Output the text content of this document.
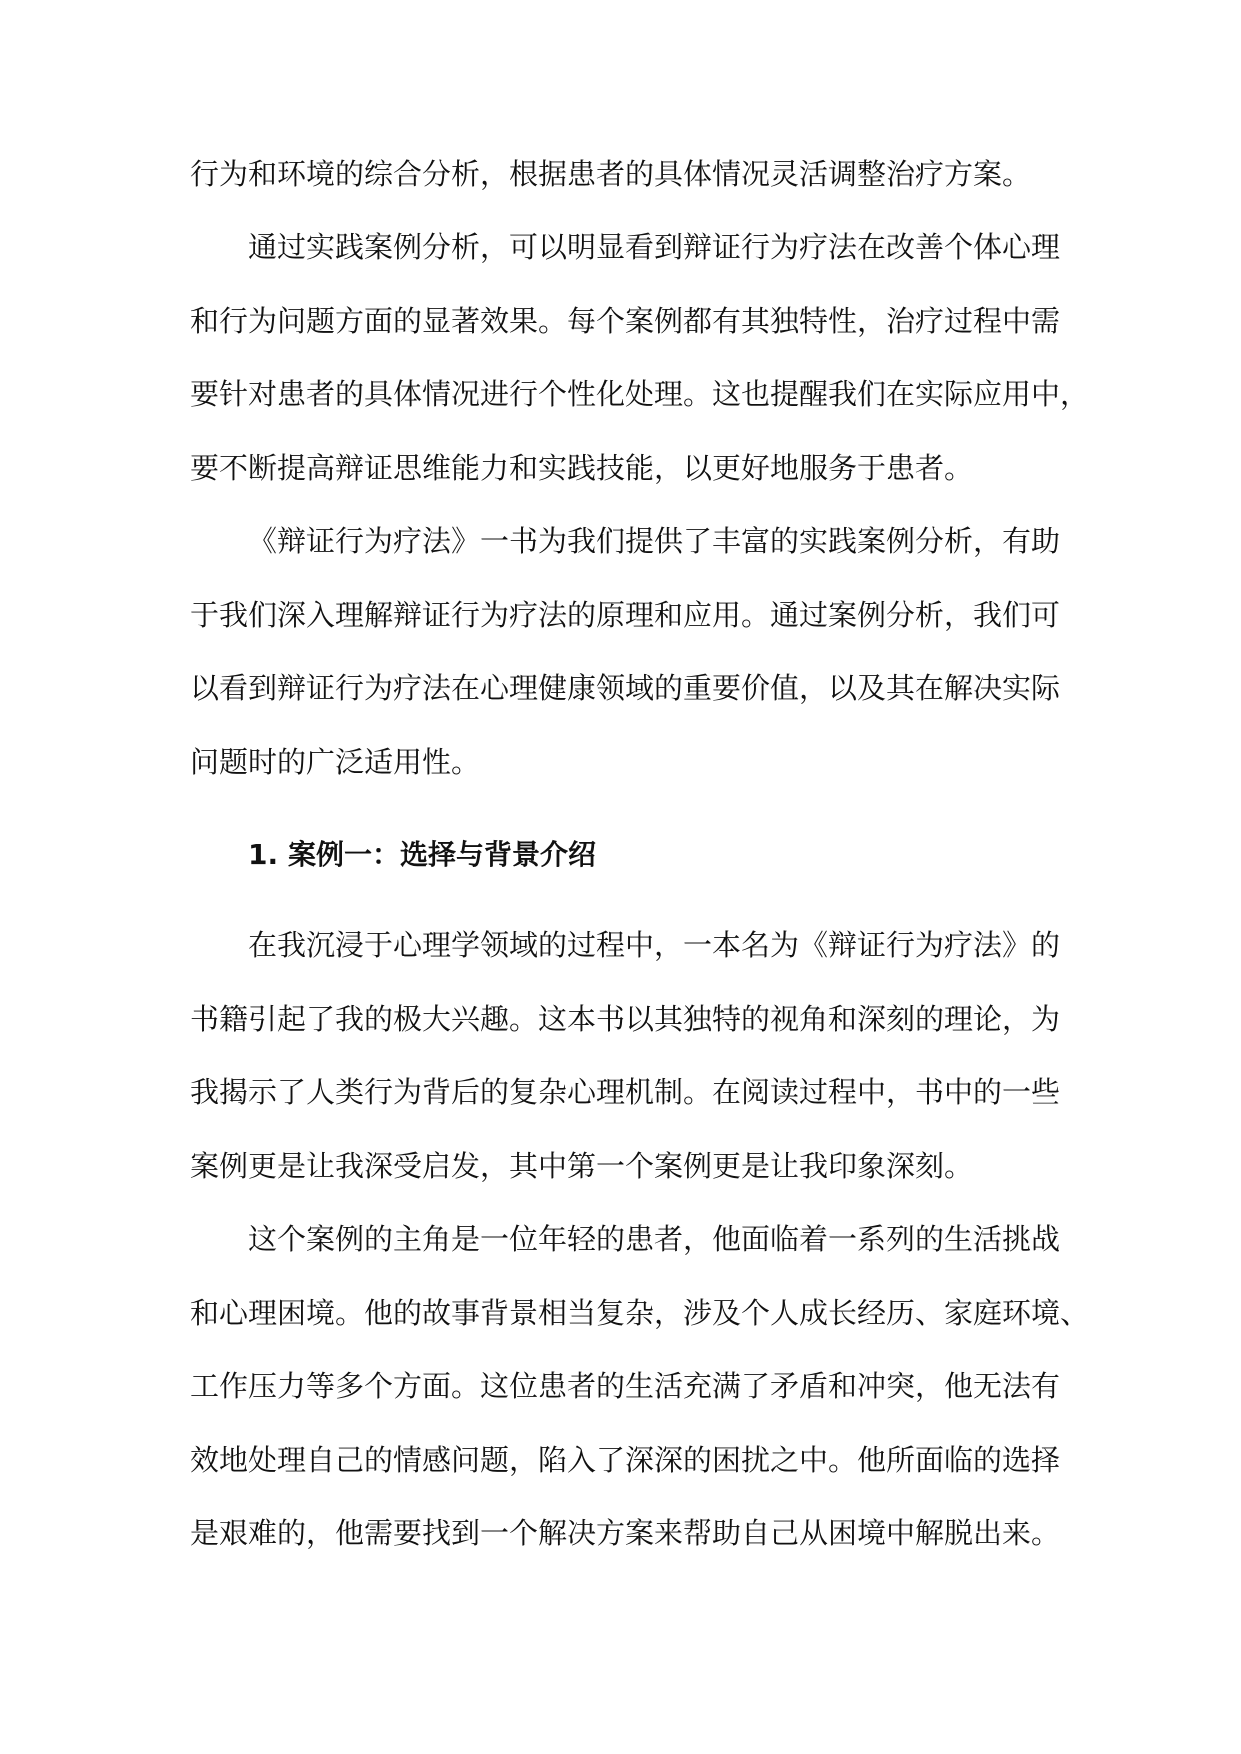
行为和环境的综合分析，根据患者的具体情况灵活调整治疗方案。
通过实践案例分析，可以明显看到辩证行为疗法在改善个体心理
和行为问题方面的显著效果。每个案例都有其独特性，治疗过程中需
要针对患者的具体情况进行个性化处理。这也提醒我们在实际应用中，
要不断提高辩证思维能力和实践技能，以更好地服务于患者。
《辩证行为疗法》一书为我们提供了丰富的实践案例分析，有助
于我们深入理解辩证行为疗法的原理和应用。通过案例分析，我们可
以看到辩证行为疗法在心理健康领域的重要价值，以及其在解决实际
问题时的广泛适用性。
1. 案例一：选择与背景介绍
在我沉浸于心理学领域的过程中，一本名为《辩证行为疗法》的
书籍引起了我的极大兴趣。这本书以其独特的视角和深刻的理论，为
我揭示了人类行为背后的复杂心理机制。在阅读过程中，书中的一些
案例更是让我深受启发，其中第一个案例更是让我印象深刻。
这个案例的主角是一位年轻的患者，他面临着一系列的生活挑战
和心理困境。他的故事背景相当复杂，涉及个人成长经历、家庭环境、
工作压力等多个方面。这位患者的生活充满了矛盾和冲突，他无法有
效地处理自己的情感问题，陷入了深深的困扰之中。他所面临的选择
是艰难的，他需要找到一个解决方案来帮助自己从困境中解脱出来。
